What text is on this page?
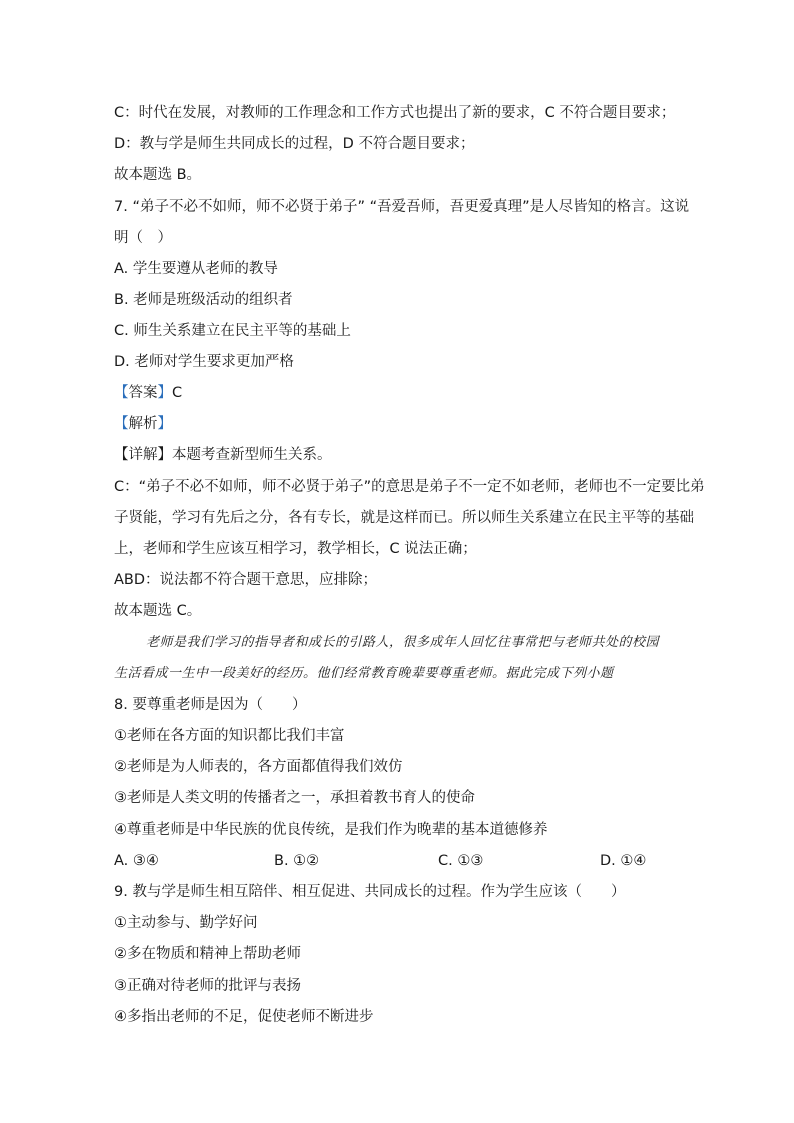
C：时代在发展，对教师的工作理念和工作方式也提出了新的要求，C 不符合题目要求；
D：教与学是师生共同成长的过程，D 不符合题目要求；
故本题选 B。
7. “弟子不必不如师，师不必贤于弟子” “吾爱吾师，吾更爱真理”是人尽皆知的格言。这说
明（　）
A. 学生要遵从老师的教导
B. 老师是班级活动的组织者
C. 师生关系建立在民主平等的基础上
D. 老师对学生要求更加严格
【答案】C
【解析】
【详解】本题考查新型师生关系。
C：“弟子不必不如师，师不必贤于弟子”的意思是弟子不一定不如老师，老师也不一定要比弟
子贤能，学习有先后之分，各有专长，就是这样而已。所以师生关系建立在民主平等的基础
上，老师和学生应该互相学习，教学相长，C 说法正确；
ABD：说法都不符合题干意思，应排除；
故本题选 C。
老师是我们学习的指导者和成长的引路人，很多成年人回忆往事常把与老师共处的校园
生活看成一生中一段美好的经历。他们经常教育晚辈要尊重老师。据此完成下列小题
8. 要尊重老师是因为（　　）
①老师在各方面的知识都比我们丰富
②老师是为人师表的，各方面都值得我们效仿
③老师是人类文明的传播者之一，承担着教书育人的使命
④尊重老师是中华民族的优良传统，是我们作为晚辈的基本道德修养
A. ③④	B. ①②	C. ①③	D. ①④
9. 教与学是师生相互陪伴、相互促进、共同成长的过程。作为学生应该（　　）
①主动参与、勤学好问
②多在物质和精神上帮助老师
③正确对待老师的批评与表扬
④多指出老师的不足，促使老师不断进步
